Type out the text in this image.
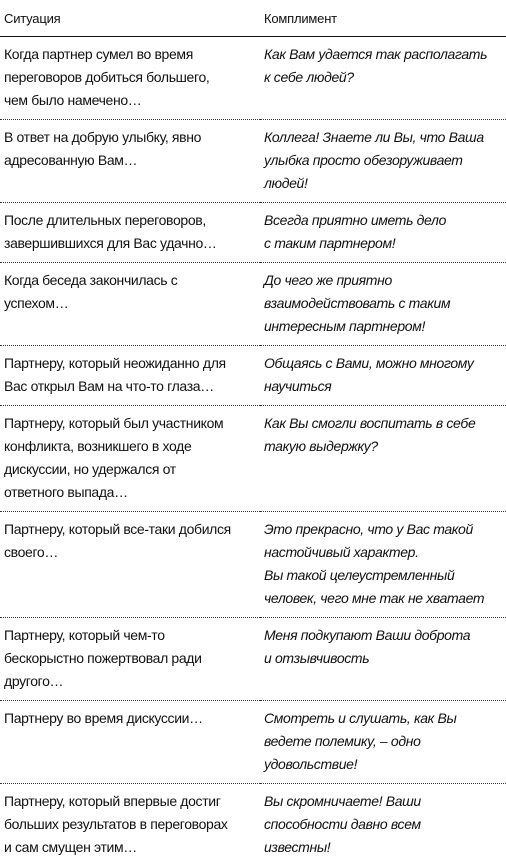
Ситуация	Комплимент

Когда партнер сумел во время
переговоров добиться большего,
чем было намечено…	Как Вам удается так располагать
к себе людей?

В ответ на добрую улыбку, явно
адресованную Вам…	Коллега! Знаете ли Вы, что Ваша
улыбка просто обезоруживает
людей!

После длительных переговоров,
завершившихся для Вас удачно…	Всегда приятно иметь дело
с таким партнером!

Когда беседа закончилась с
успехом…	До чего же приятно
взаимодействовать с таким
интересным партнером!

Партнеру, который неожиданно для
Вас открыл Вам на что-то глаза…	Общаясь с Вами, можно многому
научиться

Партнеру, который был участником
конфликта, возникшего в ходе
дискуссии, но удержался от
ответного выпада…	Как Вы смогли воспитать в себе
такую выдержку?

Партнеру, который все-таки добился
своего…	Это прекрасно, что у Вас такой
настойчивый характер.
Вы такой целеустремленный
человек, чего мне так не хватает

Партнеру, который чем-то
бескорыстно пожертвовал ради
другого…	Меня подкупают Ваши доброта
и отзывчивость

Партнеру во время дискуссии…	Смотреть и слушать, как Вы
ведете полемику, – одно
удовольствие!

Партнеру, который впервые достиг
больших результатов в переговорах
и сам смущен этим…	Вы скромничаете! Ваши
способности давно всем
известны!
